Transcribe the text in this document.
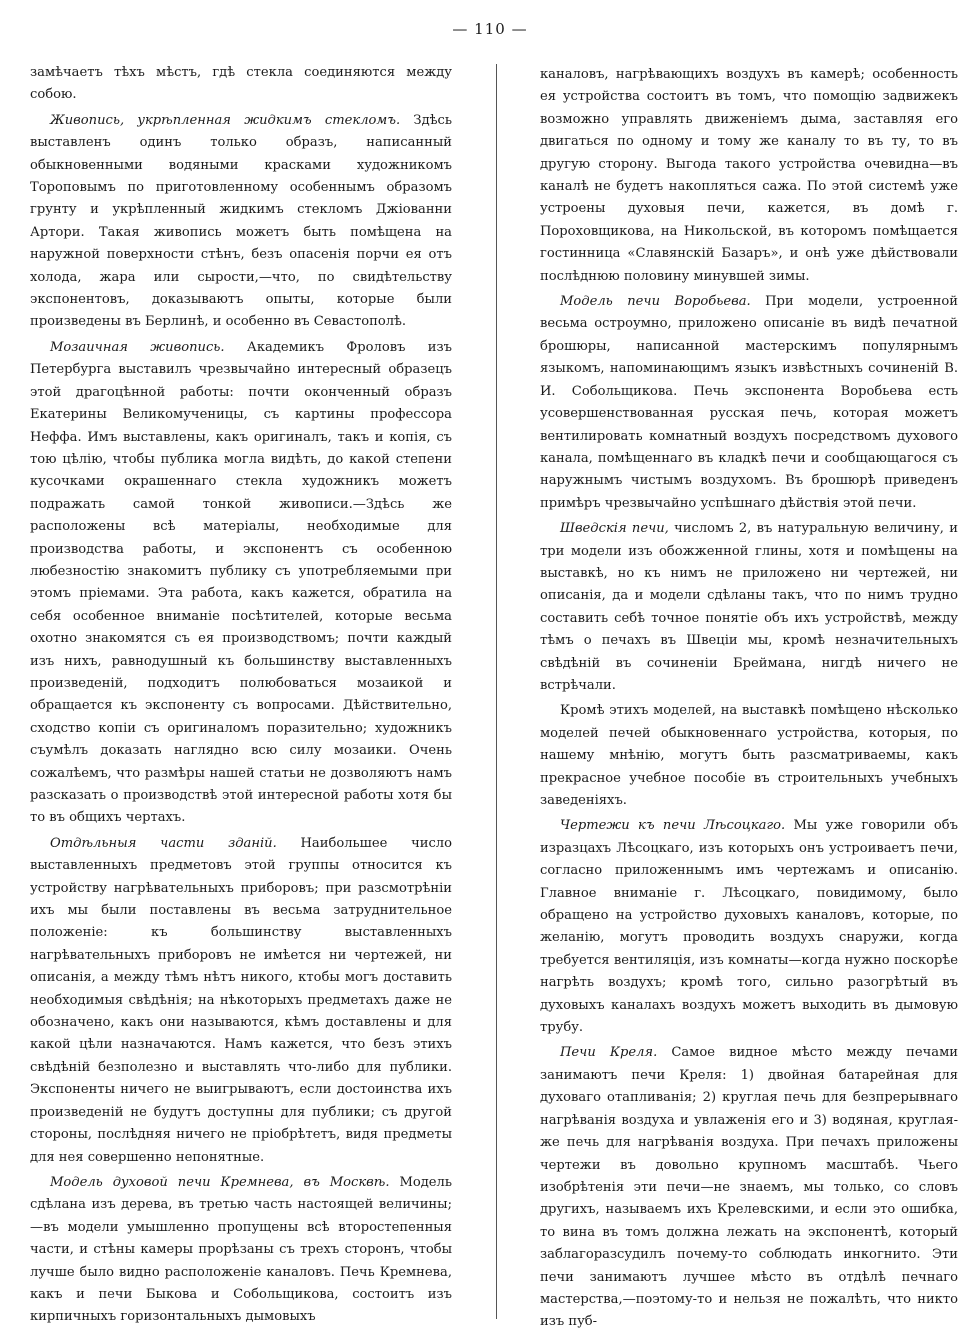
— 110 —

замѣчаетъ тѣхъ мѣстъ, гдѣ стекла соединяются между собою.

Живопись, укрѣпленная жидкимъ стекломъ. Здѣсь выставленъ одинъ только образъ, написанный обыкновенными водяными красками художникомъ Тороповымъ по приготовленному особеннымъ образомъ грунту и укрѣпленный жидкимъ стекломъ Джіованни Артори. Такая живопись можетъ быть помѣщена на наружной поверхности стѣнъ, безъ опасенія порчи ея отъ холода, жара или сырости,—что, по свидѣтельству экспонентовъ, доказываютъ опыты, которые были произведены въ Берлинѣ, и особенно въ Севастополѣ.

Мозаичная живопись. Академикъ Фроловъ изъ Петербурга выставилъ чрезвычайно интересный образецъ этой драгоцѣнной работы: почти оконченный образъ Екатерины Великомученицы, съ картины профессора Неффа. Имъ выставлены, какъ оригиналъ, такъ и копія, съ тою цѣлію, чтобы публика могла видѣть, до какой степени кусочками окрашеннаго стекла художникъ можетъ подражать самой тонкой живописи.—Здѣсь же расположены всѣ матеріалы, необходимые для производства работы, и экспонентъ съ особенною любезностію знакомитъ публику съ употребляемыми при этомъ пріемами. Эта работа, какъ кажется, обратила на себя особенное вниманіе посѣтителей, которые весьма охотно знакомятся съ ея производствомъ; почти каждый изъ нихъ, равнодушный къ большинству выставленныхъ произведеній, подходитъ полюбоваться мозаикой и обращается къ экспоненту съ вопросами. Дѣйствительно, сходство копіи съ оригиналомъ поразительно; художникъ съумѣлъ доказать наглядно всю силу мозаики. Очень сожалѣемъ, что размѣры нашей статьи не дозволяютъ намъ разсказать о производствѣ этой интересной работы хотя бы то въ общихъ чертахъ.

Отдѣльныя части зданій. Наибольшее число выставленныхъ предметовъ этой группы относится къ устройству нагрѣвательныхъ приборовъ; при разсмотрѣніи ихъ мы были поставлены въ весьма затруднительное положеніе: къ большинству выставленныхъ нагрѣвательныхъ приборовъ не имѣется ни чертежей, ни описанія, а между тѣмъ нѣтъ никого, ктобы могъ доставить необходимыя свѣдѣнія; на нѣкоторыхъ предметахъ даже не обозначено, какъ они называются, кѣмъ доставлены и для какой цѣли назначаются. Намъ кажется, что безъ этихъ свѣдѣній безполезно и выставлять что-либо для публики. Экспоненты ничего не выигрываютъ, если достоинства ихъ произведеній не будутъ доступны для публики; съ другой стороны, послѣдняя ничего не пріобрѣтетъ, видя предметы для нея совершенно непонятные.

Модель духовой печи Кремнева, въ Москвѣ. Модель сдѣлана изъ дерева, въ третью часть настоящей величины;—въ модели умышленно пропущены всѣ второстепенныя части, и стѣны камеры прорѣзаны съ трехъ сторонъ, чтобы лучше было видно расположеніе каналовъ. Печь Кремнева, какъ и печи Быкова и Собольщикова, состоитъ изъ кирпичныхъ горизонтальныхъ дымовыхъ

каналовъ, нагрѣвающихъ воздухъ въ камерѣ; особенность ея устройства состоитъ въ томъ, что помощію задвижекъ возможно управлять движеніемъ дыма, заставляя его двигаться по одному и тому же каналу то въ ту, то въ другую сторону. Выгода такого устройства очевидна—въ каналѣ не будетъ накопляться сажа. По этой системѣ уже устроены духовыя печи, кажется, въ домѣ г. Пороховщикова, на Никольской, въ которомъ помѣщается гостинница «Славянскій Базаръ», и онѣ уже дѣйствовали послѣднюю половину минувшей зимы.

Модель печи Воробьева. При модели, устроенной весьма остроумно, приложено описаніе въ видѣ печатной брошюры, написанной мастерскимъ популярнымъ языкомъ, напоминающимъ языкъ извѣстныхъ сочиненій В. И. Собольщикова. Печь экспонента Воробьева есть усовершенствованная русская печь, которая можетъ вентилировать комнатный воздухъ посредствомъ духового канала, помѣщеннаго въ кладкѣ печи и сообщающагося съ наружнымъ чистымъ воздухомъ. Въ брошюрѣ приведенъ примѣръ чрезвычайно успѣшнаго дѣйствія этой печи.

Шведскія печи, числомъ 2, въ натуральную величину, и три модели изъ обожженной глины, хотя и помѣщены на выставкѣ, но къ нимъ не приложено ни чертежей, ни описанія, да и модели сдѣланы такъ, что по нимъ трудно составить себѣ точное понятіе объ ихъ устройствѣ, между тѣмъ о печахъ въ Швеціи мы, кромѣ незначительныхъ свѣдѣній въ сочиненіи Бреймана, нигдѣ ничего не встрѣчали.

Кромѣ этихъ моделей, на выставкѣ помѣщено нѣсколько моделей печей обыкновеннаго устройства, которыя, по нашему мнѣнію, могутъ быть разсматриваемы, какъ прекрасное учебное пособіе въ строительныхъ учебныхъ заведеніяхъ.

Чертежи къ печи Лѣсоцкаго. Мы уже говорили объ изразцахъ Лѣсоцкаго, изъ которыхъ онъ устроиваетъ печи, согласно приложеннымъ имъ чертежамъ и описанію. Главное вниманіе г. Лѣсоцкаго, повидимому, было обращено на устройство духовыхъ каналовъ, которые, по желанію, могутъ проводить воздухъ снаружи, когда требуется вентиляція, изъ комнаты—когда нужно поскорѣе нагрѣть воздухъ; кромѣ того, сильно разогрѣтый въ духовыхъ каналахъ воздухъ можетъ выходить въ дымовую трубу.

Печи Креля. Самое видное мѣсто между печами занимаютъ печи Креля: 1) двойная батарейная для духоваго отапливанія; 2) круглая печь для безпрерывнаго нагрѣванія воздуха и увлаженія его и 3) водяная, круглая-же печь для нагрѣванія воздуха. При печахъ приложены чертежи въ довольно крупномъ масштабѣ. Чьего изобрѣтенія эти печи—не знаемъ, мы только, со словъ другихъ, называемъ ихъ Крелевскими, и если это ошибка, то вина въ томъ должна лежать на экспонентѣ, который заблагоразсудилъ почему-то соблюдать инкогнито. Эти печи занимаютъ лучшее мѣсто въ отдѣлѣ печнаго мастерства,—поэтому-то и нельзя не пожалѣть, что никто изъ пуб-
